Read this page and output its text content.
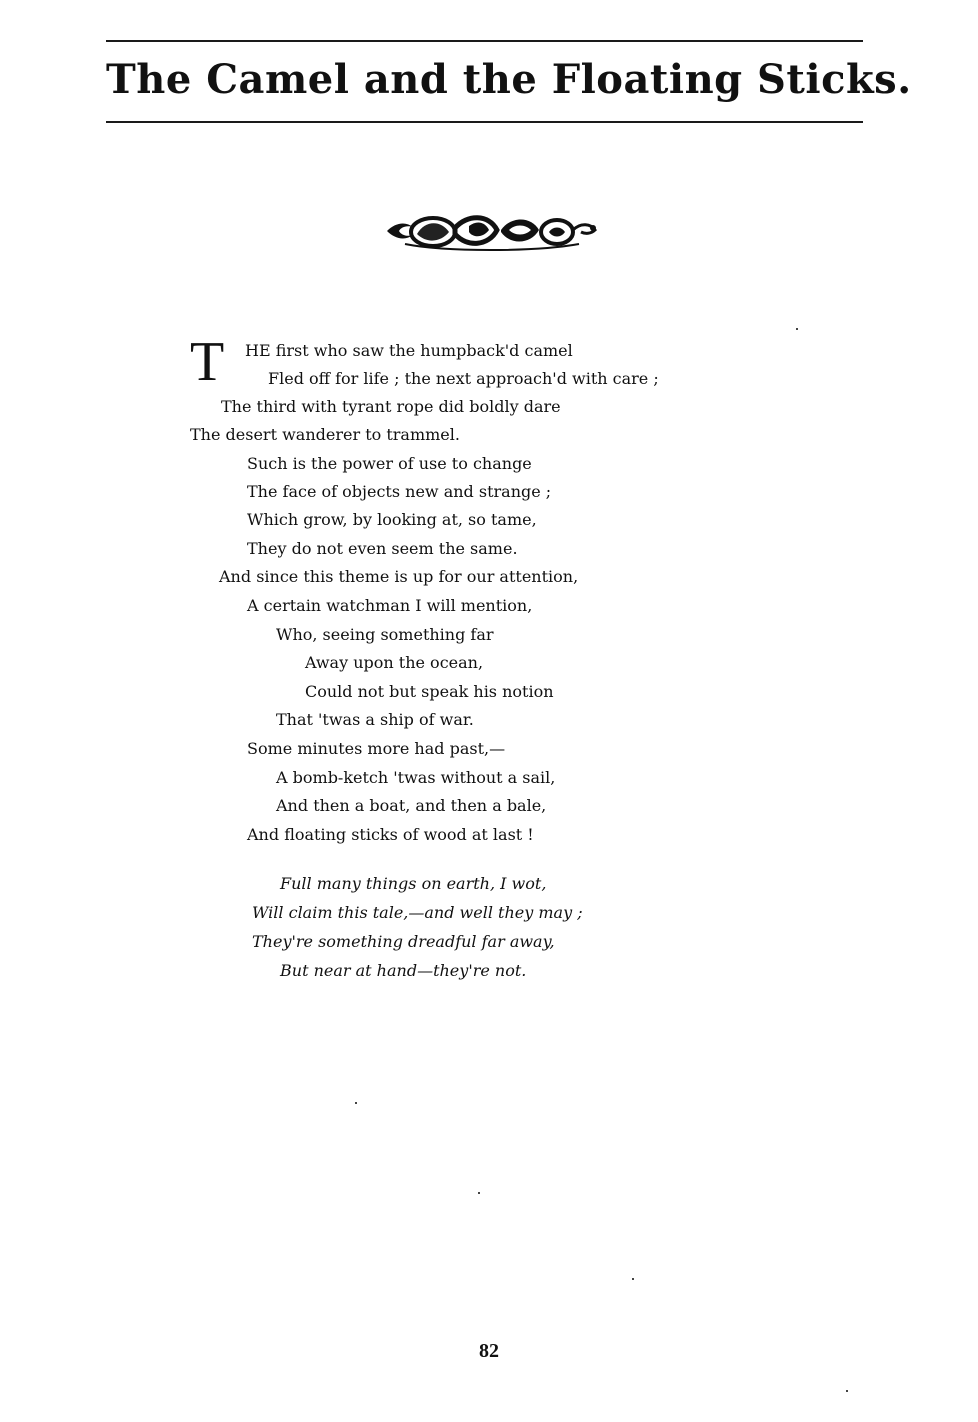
The Camel and the Floating Sticks.
T HE first who saw the humpback'd camel
Fled off for life ; the next approach'd with care ;
The third with tyrant rope did boldly dare
The desert wanderer to trammel.
Such is the power of use to change
The face of objects new and strange ;
Which grow, by looking at, so tame,
They do not even seem the same.
And since this theme is up for our attention,
A certain watchman I will mention,
Who, seeing something far
Away upon the ocean,
Could not but speak his notion
That 'twas a ship of war.
Some minutes more had past,—
A bomb-ketch 'twas without a sail,
And then a boat, and then a bale,
And floating sticks of wood at last !
Full many things on earth, I wot,
Will claim this tale,—and well they may ;
They're something dreadful far away,
But near at hand—they're not.
82
